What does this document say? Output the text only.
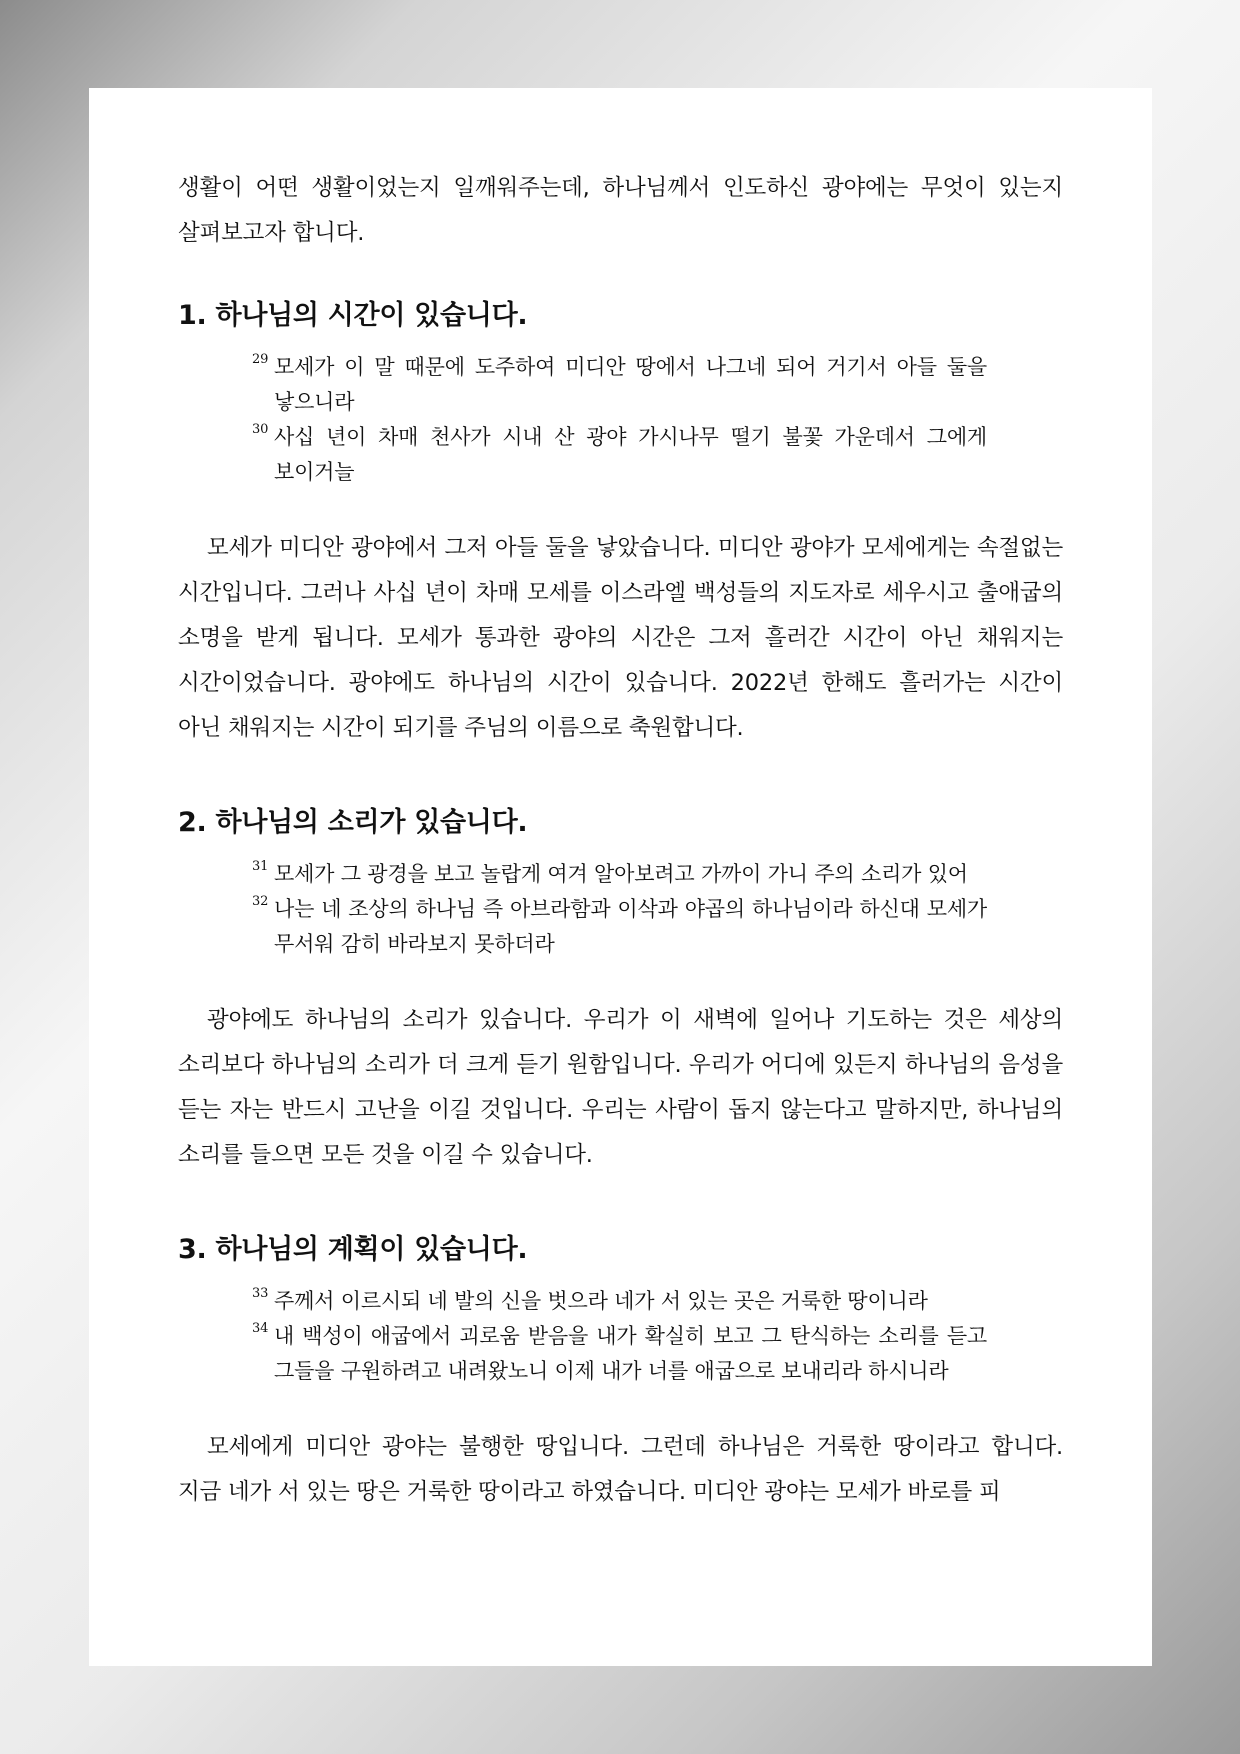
생활이 어떤 생활이었는지 일깨워주는데, 하나님께서 인도하신 광야에는 무엇이 있는지 살펴보고자 합니다.

1. 하나님의 시간이 있습니다.
29 모세가 이 말 때문에 도주하여 미디안 땅에서 나그네 되어 거기서 아들 둘을 낳으니라
30 사십 년이 차매 천사가 시내 산 광야 가시나무 떨기 불꽃 가운데서 그에게 보이거늘

모세가 미디안 광야에서 그저 아들 둘을 낳았습니다. 미디안 광야가 모세에게는 속절없는 시간입니다. 그러나 사십 년이 차매 모세를 이스라엘 백성들의 지도자로 세우시고 출애굽의 소명을 받게 됩니다. 모세가 통과한 광야의 시간은 그저 흘러간 시간이 아닌 채워지는 시간이었습니다. 광야에도 하나님의 시간이 있습니다. 2022년 한해도 흘러가는 시간이 아닌 채워지는 시간이 되기를 주님의 이름으로 축원합니다.

2. 하나님의 소리가 있습니다.
31 모세가 그 광경을 보고 놀랍게 여겨 알아보려고 가까이 가니 주의 소리가 있어
32 나는 네 조상의 하나님 즉 아브라함과 이삭과 야곱의 하나님이라 하신대 모세가 무서워 감히 바라보지 못하더라

광야에도 하나님의 소리가 있습니다. 우리가 이 새벽에 일어나 기도하는 것은 세상의 소리보다 하나님의 소리가 더 크게 듣기 원함입니다. 우리가 어디에 있든지 하나님의 음성을 듣는 자는 반드시 고난을 이길 것입니다. 우리는 사람이 돕지 않는다고 말하지만, 하나님의 소리를 들으면 모든 것을 이길 수 있습니다.

3. 하나님의 계획이 있습니다.
33 주께서 이르시되 네 발의 신을 벗으라 네가 서 있는 곳은 거룩한 땅이니라
34 내 백성이 애굽에서 괴로움 받음을 내가 확실히 보고 그 탄식하는 소리를 듣고 그들을 구원하려고 내려왔노니 이제 내가 너를 애굽으로 보내리라 하시니라

모세에게 미디안 광야는 불행한 땅입니다. 그런데 하나님은 거룩한 땅이라고 합니다. 지금 네가 서 있는 땅은 거룩한 땅이라고 하였습니다. 미디안 광야는 모세가 바로를 피
